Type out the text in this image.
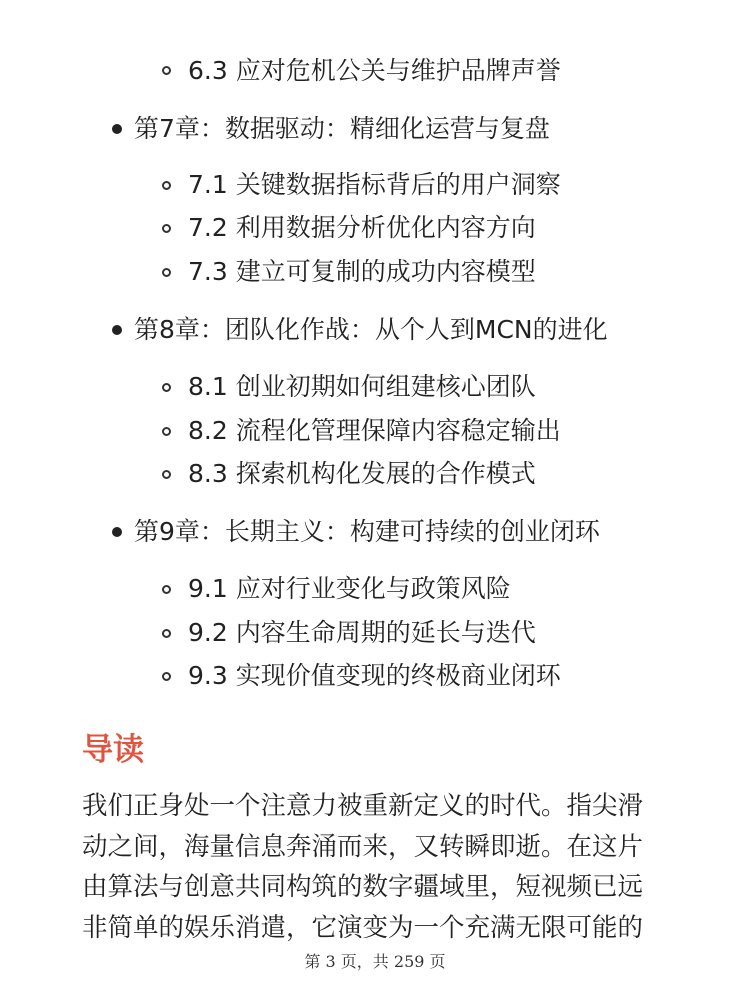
6.3 应对危机公关与维护品牌声誉
第7章：数据驱动：精细化运营与复盘
7.1 关键数据指标背后的用户洞察
7.2 利用数据分析优化内容方向
7.3 建立可复制的成功内容模型
第8章：团队化作战：从个人到MCN的进化
8.1 创业初期如何组建核心团队
8.2 流程化管理保障内容稳定输出
8.3 探索机构化发展的合作模式
第9章：长期主义：构建可持续的创业闭环
9.1 应对行业变化与政策风险
9.2 内容生命周期的延长与迭代
9.3 实现价值变现的终极商业闭环
导读
我们正身处一个注意力被重新定义的时代。指尖滑
动之间，海量信息奔涌而来，又转瞬即逝。在这片
由算法与创意共同构筑的数字疆域里，短视频已远
非简单的娱乐消遣，它演变为一个充满无限可能的
第 3 页，共 259 页
